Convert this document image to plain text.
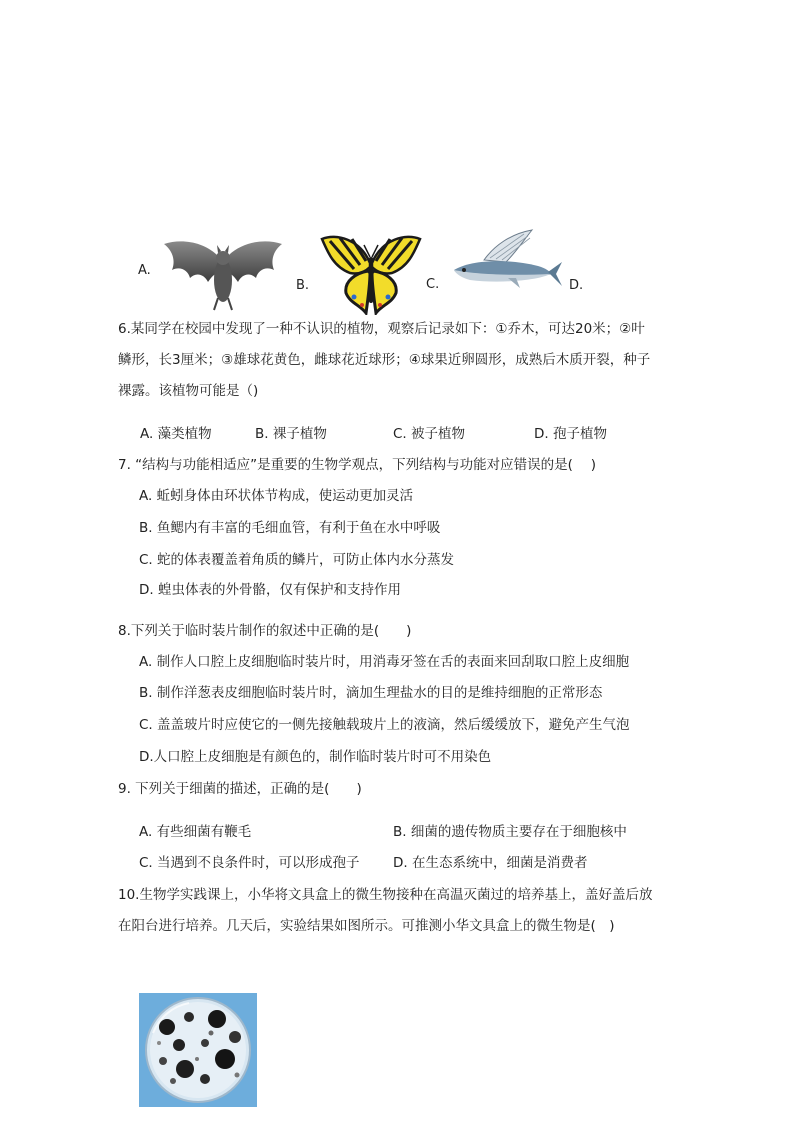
A.
B.	C.	D.
6.某同学在校园中发现了一种不认识的植物，观察后记录如下：①乔木，可达20米；②叶
鳞形，长3厘米；③雄球花黄色，雌球花近球形；④球果近卵圆形，成熟后木质开裂，种子
裸露。该植物可能是（)
A. 藻类植物	B. 裸子植物	C. 被子植物	D. 孢子植物
7. “结构与功能相适应”是重要的生物学观点，下列结构与功能对应错误的是(　 )
A. 蚯蚓身体由环状体节构成，使运动更加灵活
B. 鱼鳃内有丰富的毛细血管，有利于鱼在水中呼吸
C. 蛇的体表覆盖着角质的鳞片，可防止体内水分蒸发
D. 蝗虫体表的外骨骼，仅有保护和支持作用
8.下列关于临时装片制作的叙述中正确的是(　　)
A. 制作人口腔上皮细胞临时装片时，用消毒牙签在舌的表面来回刮取口腔上皮细胞
B. 制作洋葱表皮细胞临时装片时，滴加生理盐水的目的是维持细胞的正常形态
C. 盖盖玻片时应使它的一侧先接触载玻片上的液滴，然后缓缓放下，避免产生气泡
D.人口腔上皮细胞是有颜色的，制作临时装片时可不用染色
9. 下列关于细菌的描述，正确的是(　　)
A. 有些细菌有鞭毛	B. 细菌的遗传物质主要存在于细胞核中
C. 当遇到不良条件时，可以形成孢子 D. 在生态系统中，细菌是消费者
10.生物学实践课上，小华将文具盒上的微生物接种在高温灭菌过的培养基上，盖好盖后放
在阳台进行培养。几天后，实验结果如图所示。可推测小华文具盒上的微生物是(　)
